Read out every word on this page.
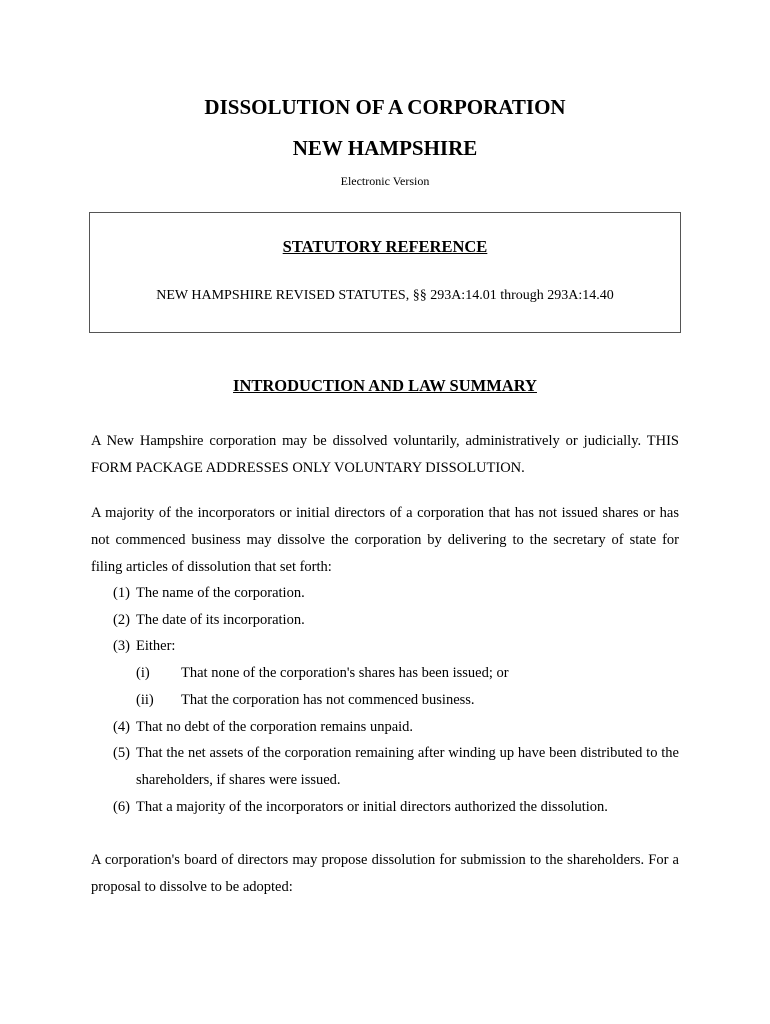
DISSOLUTION OF A CORPORATION
NEW HAMPSHIRE
Electronic Version
STATUTORY REFERENCE
NEW HAMPSHIRE REVISED STATUTES, §§ 293A:14.01 through 293A:14.40
INTRODUCTION AND LAW SUMMARY

A New Hampshire corporation may be dissolved voluntarily, administratively or judicially. THIS FORM PACKAGE ADDRESSES ONLY VOLUNTARY DISSOLUTION.

A majority of the incorporators or initial directors of a corporation that has not issued shares or has not commenced business may dissolve the corporation by delivering to the secretary of state for filing articles of dissolution that set forth:

(1) The name of the corporation.
(2) The date of its incorporation.
(3) Either:
(i)	That none of the corporation's shares has been issued; or
(ii)	That the corporation has not commenced business.
(4) That no debt of the corporation remains unpaid.
(5) That the net assets of the corporation remaining after winding up have been distributed to the shareholders, if shares were issued.
(6) That a majority of the incorporators or initial directors authorized the dissolution.

A corporation's board of directors may propose dissolution for submission to the shareholders. For a proposal to dissolve to be adopted:
